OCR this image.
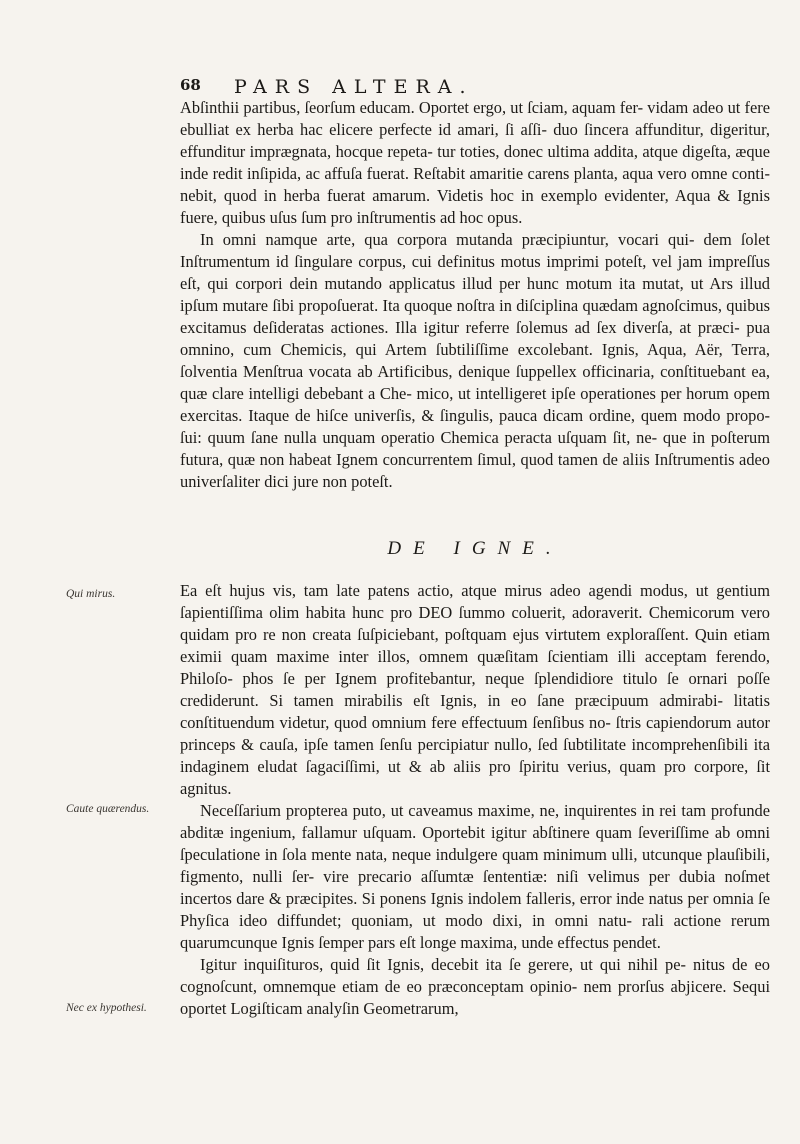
68 PARS ALTERA.

Abſinthii partibus, ſeorſum educam. Oportet ergo, ut ſciam, aquam fer- vidam adeo ut fere ebulliat ex herba hac elicere perfecte id amari, ſi aſſi- duo ſincera affunditur, digeritur, effunditur imprægnata, hocque repeta- tur toties, donec ultima addita, atque digeſta, æque inde redit inſipida, ac affuſa fuerat. Reſtabit amaritie carens planta, aqua vero omne conti- nebit, quod in herba fuerat amarum. Videtis hoc in exemplo evidenter, Aqua & Ignis fuere, quibus uſus ſum pro inſtrumentis ad hoc opus.

In omni namque arte, qua corpora mutanda præcipiuntur, vocari qui- dem ſolet Inſtrumentum id ſingulare corpus, cui definitus motus imprimi poteſt, vel jam impreſſus eſt, qui corpori dein mutando applicatus illud per hunc motum ita mutat, ut Ars illud ipſum mutare ſibi propoſuerat. Ita quoque noſtra in diſciplina quædam agnoſcimus, quibus excitamus deſideratas actiones. Illa igitur referre ſolemus ad ſex diverſa, at præci- pua omnino, cum Chemicis, qui Artem ſubtiliſſime excolebant. Ignis, Aqua, Aër, Terra, ſolventia Menſtrua vocata ab Artificibus, denique ſuppellex officinaria, conſtituebant ea, quæ clare intelligi debebant a Che- mico, ut intelligeret ipſe operationes per horum opem exercitas. Itaque de hiſce univerſis, & ſingulis, pauca dicam ordine, quem modo propo- ſui: quum ſane nulla unquam operatio Chemica peracta uſquam ſit, ne- que in poſterum futura, quæ non habeat Ignem concurrentem ſimul, quod tamen de aliis Inſtrumentis adeo univerſaliter dici jure non poteſt.

DE IGNE.

Ea eſt hujus vis, tam late patens actio, atque mirus adeo agendi modus, ut gentium ſapientiſſima olim habita hunc pro DEO ſummo coluerit, adoraverit. Chemicorum vero quidam pro re non creata ſuſpiciebant, poſtquam ejus virtutem exploraſſent. Quin etiam eximii quam maxime inter illos, omnem quæſitam ſcientiam illi acceptam ferendo, Philoſo- phos ſe per Ignem profitebantur, neque ſplendidiore titulo ſe ornari poſſe crediderunt. Si tamen mirabilis eſt Ignis, in eo ſane præcipuum admirabi- litatis conſtituendum videtur, quod omnium fere effectuum ſenſibus no- ſtris capiendorum autor princeps & cauſa, ipſe tamen ſenſu percipiatur nullo, ſed ſubtilitate incomprehenſibili ita indaginem eludat ſagaciſſimi, ut & ab aliis pro ſpiritu verius, quam pro corpore, ſit agnitus.

Neceſſarium propterea puto, ut caveamus maxime, ne, inquirentes in rei tam profunde abditæ ingenium, fallamur uſquam. Oportebit igitur abſtinere quam ſeveriſſime ab omni ſpeculatione in ſola mente nata, neque indulgere quam minimum ulli, utcunque plauſibili, figmento, nulli ſer- vire precario aſſumtæ ſententiæ: niſi velimus per dubia noſmet incertos dare & præcipites. Si ponens Ignis indolem falleris, error inde natus per omnia ſe Phyſica ideo diffundet; quoniam, ut modo dixi, in omni natu- rali actione rerum quarumcunque Ignis ſemper pars eſt longe maxima, unde effectus pendet.

Igitur inquiſituros, quid ſit Ignis, decebit ita ſe gerere, ut qui nihil pe- nitus de eo cognoſcunt, omnemque etiam de eo præconceptam opinio- nem prorſus abjicere. Sequi oportet Logiſticam analyſin Geometrarum,

Qui mirus.
Caute quærendus.
Nec ex hypothesi.
